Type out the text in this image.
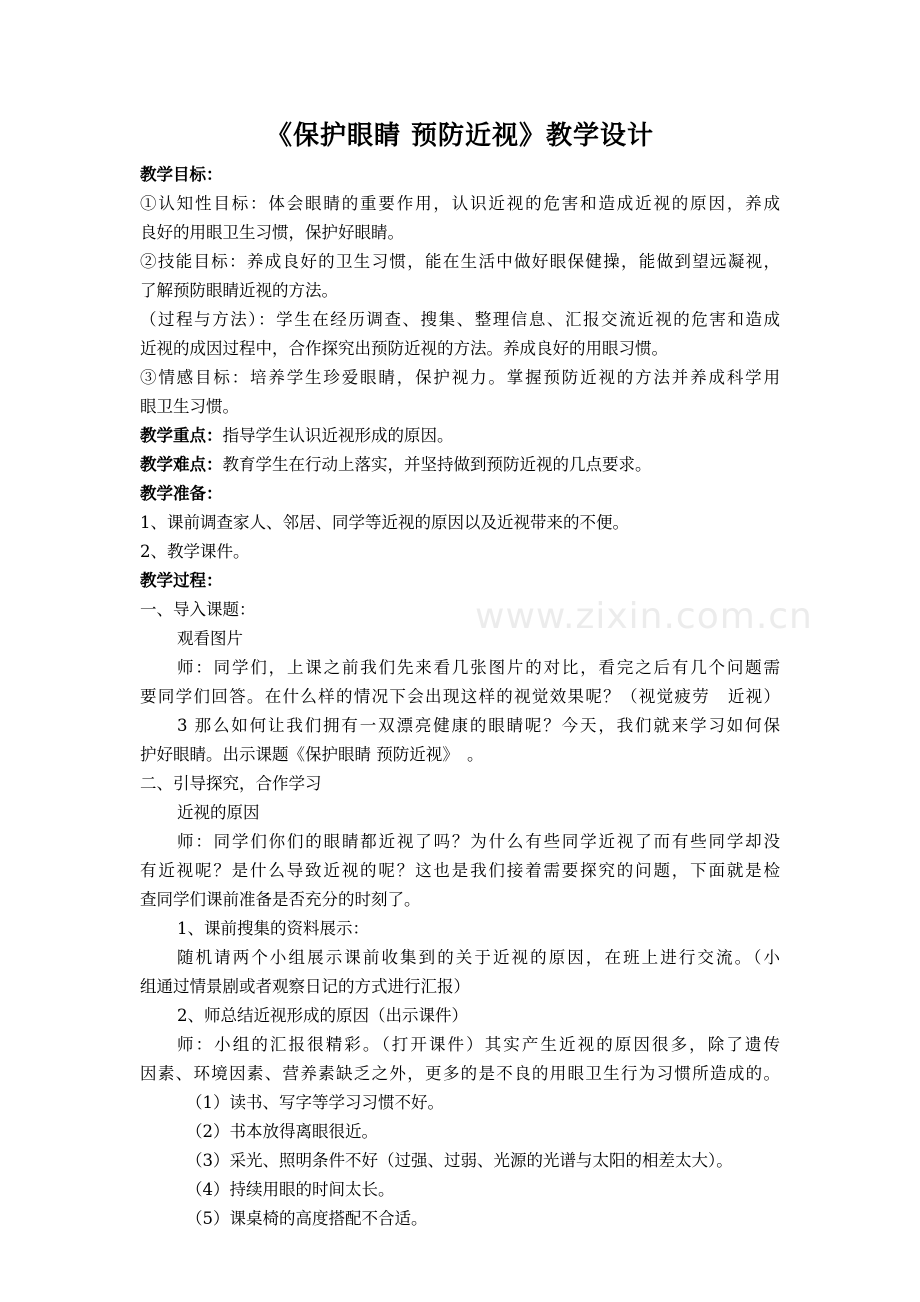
www.zixin.com.cn
《保护眼睛 预防近视》教学设计
教学目标：
①认知性目标：体会眼睛的重要作用，认识近视的危害和造成近视的原因，养成
良好的用眼卫生习惯，保护好眼睛。
②技能目标：养成良好的卫生习惯，能在生活中做好眼保健操，能做到望远凝视，
了解预防眼睛近视的方法。
（过程与方法）：学生在经历调查、搜集、整理信息、汇报交流近视的危害和造成
近视的成因过程中，合作探究出预防近视的方法。养成良好的用眼习惯。
③情感目标：培养学生珍爱眼睛，保护视力。掌握预防近视的方法并养成科学用
眼卫生习惯。
教学重点：指导学生认识近视形成的原因。
教学难点：教育学生在行动上落实，并坚持做到预防近视的几点要求。
教学准备：
1、课前调查家人、邻居、同学等近视的原因以及近视带来的不便。
2、教学课件。
教学过程：
一、导入课题：
观看图片
师：同学们，上课之前我们先来看几张图片的对比，看完之后有几个问题需
要同学们回答。在什么样的情况下会出现这样的视觉效果呢？（视觉疲劳　近视）
3 那么如何让我们拥有一双漂亮健康的眼睛呢？今天，我们就来学习如何保
护好眼睛。出示课题《保护眼睛 预防近视》　。
二、引导探究，合作学习
近视的原因
师：同学们你们的眼睛都近视了吗？为什么有些同学近视了而有些同学却没
有近视呢？是什么导致近视的呢？这也是我们接着需要探究的问题，下面就是检
查同学们课前准备是否充分的时刻了。
1、课前搜集的资料展示：
随机请两个小组展示课前收集到的关于近视的原因，在班上进行交流。（小
组通过情景剧或者观察日记的方式进行汇报）
2、师总结近视形成的原因（出示课件）
师：小组的汇报很精彩。（打开课件）其实产生近视的原因很多，除了遗传
因素、环境因素、营养素缺乏之外，更多的是不良的用眼卫生行为习惯所造成的。
（1）读书、写字等学习习惯不好。
（2）书本放得离眼很近。
（3）采光、照明条件不好（过强、过弱、光源的光谱与太阳的相差太大）。
（4）持续用眼的时间太长。
（5）课桌椅的高度搭配不合适。
